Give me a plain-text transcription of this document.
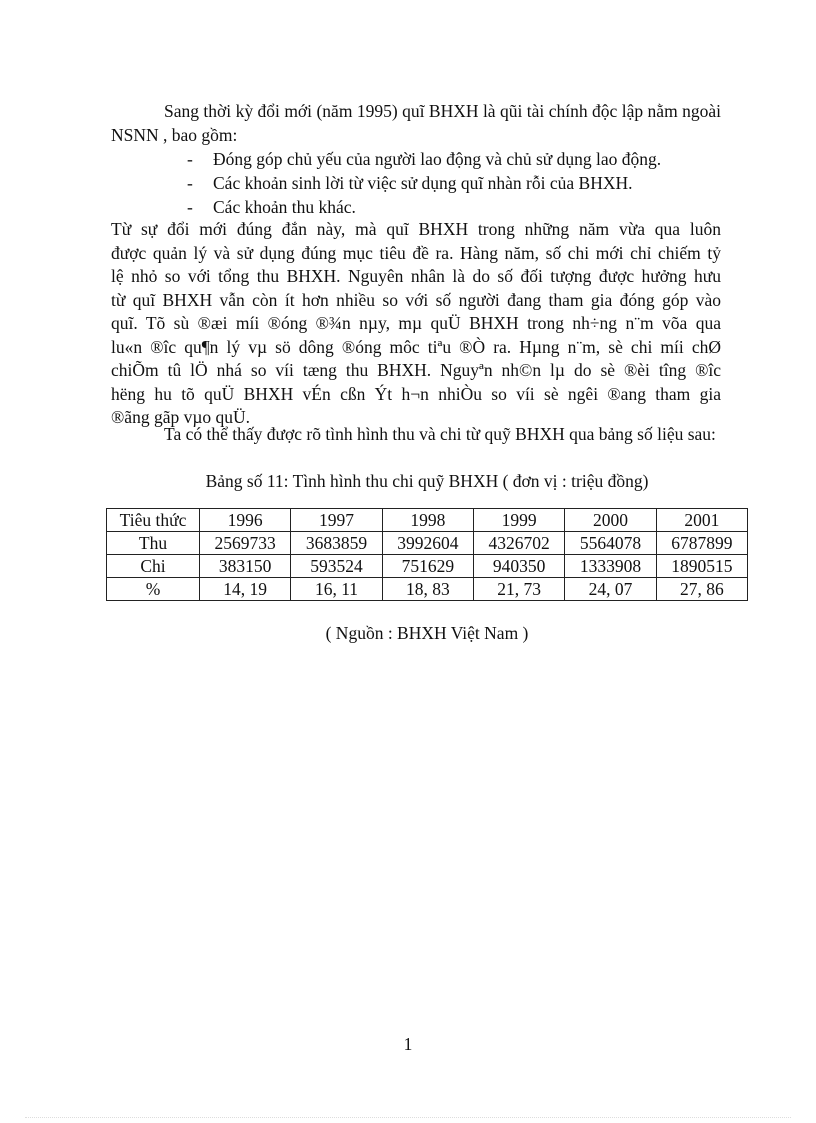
Sang thời kỳ đổi mới (năm 1995) quĩ BHXH là qũi tài chính độc lập nằm ngoài NSNN , bao gồm:
- Đóng góp chủ yếu của người lao động và chủ sử dụng lao động.
- Các khoản sinh lời từ việc sử dụng quĩ nhàn rỗi của BHXH.
- Các khoản thu khác.
Từ sự đổi mới đúng đắn này, mà quĩ BHXH trong những năm vừa qua luôn
được quản lý và sử dụng đúng mục tiêu đề ra. Hàng năm, số chi mới chỉ chiếm tỷ
lệ nhỏ so với tổng thu BHXH. Nguyên nhân là do số đối tượng được hưởng hưu
từ quĩ BHXH vẫn còn ít hơn nhiều so với số người đang tham gia đóng góp vào
quĩ. Tõ sù ®æi míi ®óng ®¾n nµy, mµ quÜ BHXH trong nh÷ng n¨m võa qua
lu«n ®îc qu¶n lý vµ sö dông ®óng môc tiªu ®Ò ra. Hµng n¨m, sè chi míi chØ
chiÕm tû lÖ nhá so víi tæng thu BHXH. Nguyªn nh©n lµ do sè ®èi tîng ®îc
hëng hu tõ quÜ BHXH vÉn cßn Ýt h¬n nhiÒu so víi sè ngêi ®ang tham gia
®ãng gãp vµo quÜ.
Ta có thể thấy được rõ tình hình thu và chi từ quỹ BHXH qua bảng số liệu sau:
Bảng số 11: Tình hình thu chi quỹ BHXH ( đơn vị : triệu đồng)
Tiêu thức	1996	1997	1998	1999	2000	2001
Thu	2569733	3683859	3992604	4326702	5564078	6787899
Chi	383150	593524	751629	940350	1333908	1890515
%	14, 19	16, 11	18, 83	21, 73	24, 07	27, 86
( Nguồn : BHXH Việt Nam )
1
